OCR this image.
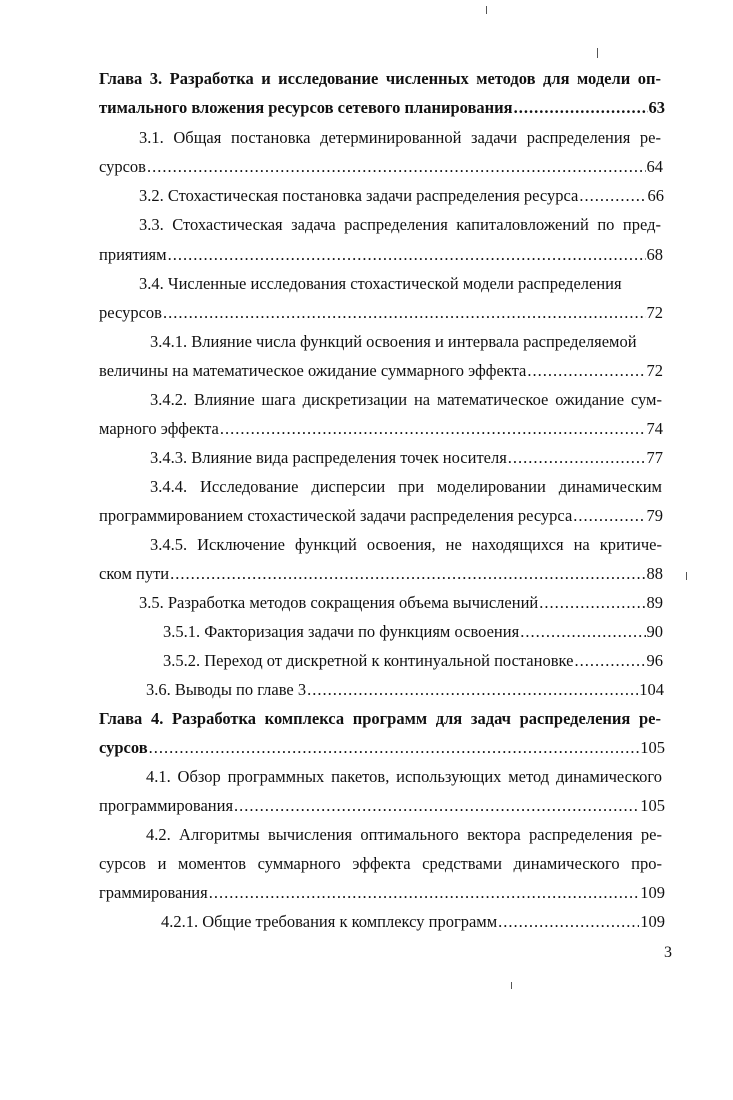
Глава 3. Разработка и исследование численных методов для модели оп-
тимального вложения ресурсов сетевого планирования .....	63
3.1. Общая постановка детерминированной задачи распределения ре-
сурсов .....	64
3.2. Стохастическая постановка задачи распределения ресурса .....	66
3.3. Стохастическая задача распределения капиталовложений по пред-
приятиям .....	68
3.4. Численные исследования стохастической модели распределения
ресурсов .....	72
3.4.1. Влияние числа функций освоения и интервала распределяемой
величины на математическое ожидание суммарного эффекта .....	72
3.4.2. Влияние шага дискретизации на математическое ожидание сум-
марного эффекта .....	74
3.4.3. Влияние вида распределения точек носителя .....	77
3.4.4. Исследование дисперсии при моделировании динамическим
программированием стохастической задачи распределения ресурса .....	79
3.4.5. Исключение функций освоения, не находящихся на критиче-
ском пути .....	88
3.5. Разработка методов сокращения объема вычислений .....	89
3.5.1. Факторизация задачи по функциям освоения .....	90
3.5.2. Переход от дискретной к континуальной постановке .....	96
3.6. Выводы по главе 3 .....	104
Глава 4. Разработка комплекса программ для задач распределения ре-
сурсов .....	105
4.1. Обзор программных пакетов, использующих метод динамического
программирования .....	105
4.2. Алгоритмы вычисления оптимального вектора распределения ре-
сурсов и моментов суммарного эффекта средствами динамического про-
граммирования .....	109
4.2.1. Общие требования к комплексу программ .....	109
3
